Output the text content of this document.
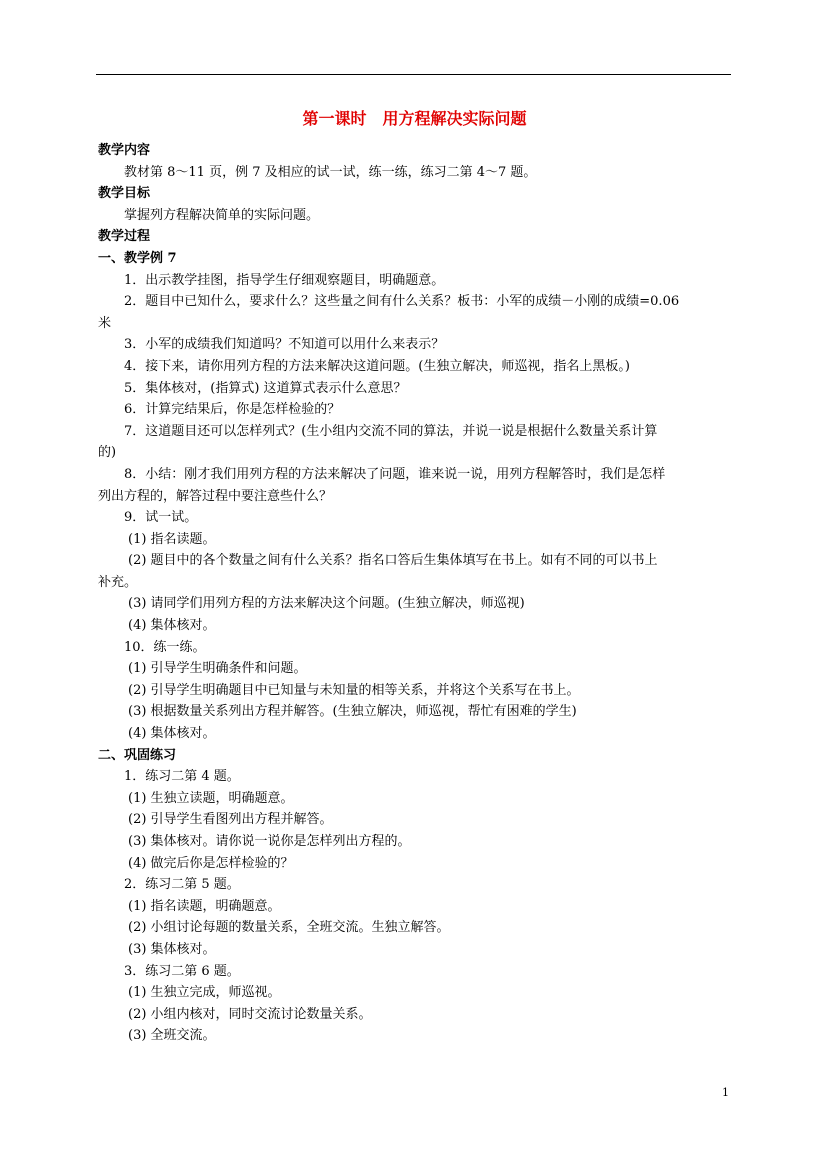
第一课时　用方程解决实际问题
教学内容
教材第 8～11 页，例 7 及相应的试一试，练一练，练习二第 4～7 题。
教学目标
掌握列方程解决简单的实际问题。
教学过程
一、教学例 7
1．出示教学挂图，指导学生仔细观察题目，明确题意。
2．题目中已知什么，要求什么？这些量之间有什么关系？板书：小军的成绩－小刚的成绩=0.06
米
3．小军的成绩我们知道吗？不知道可以用什么来表示？
4．接下来，请你用列方程的方法来解决这道问题。(生独立解决，师巡视，指名上黑板。)
5．集体核对，(指算式) 这道算式表示什么意思？
6．计算完结果后，你是怎样检验的？
7．这道题目还可以怎样列式？(生小组内交流不同的算法，并说一说是根据什么数量关系计算
的)
8．小结：刚才我们用列方程的方法来解决了问题，谁来说一说，用列方程解答时，我们是怎样
列出方程的，解答过程中要注意些什么？
9．试一试。
(1) 指名读题。
(2) 题目中的各个数量之间有什么关系？指名口答后生集体填写在书上。如有不同的可以书上
补充。
(3) 请同学们用列方程的方法来解决这个问题。(生独立解决，师巡视)
(4) 集体核对。
10．练一练。
(1) 引导学生明确条件和问题。
(2) 引导学生明确题目中已知量与未知量的相等关系，并将这个关系写在书上。
(3) 根据数量关系列出方程并解答。(生独立解决，师巡视，帮忙有困难的学生)
(4) 集体核对。
二、巩固练习
1．练习二第 4 题。
(1) 生独立读题，明确题意。
(2) 引导学生看图列出方程并解答。
(3) 集体核对。请你说一说你是怎样列出方程的。
(4) 做完后你是怎样检验的？
2．练习二第 5 题。
(1) 指名读题，明确题意。
(2) 小组讨论每题的数量关系，全班交流。生独立解答。
(3) 集体核对。
3．练习二第 6 题。
(1) 生独立完成，师巡视。
(2) 小组内核对，同时交流讨论数量关系。
(3) 全班交流。
1
